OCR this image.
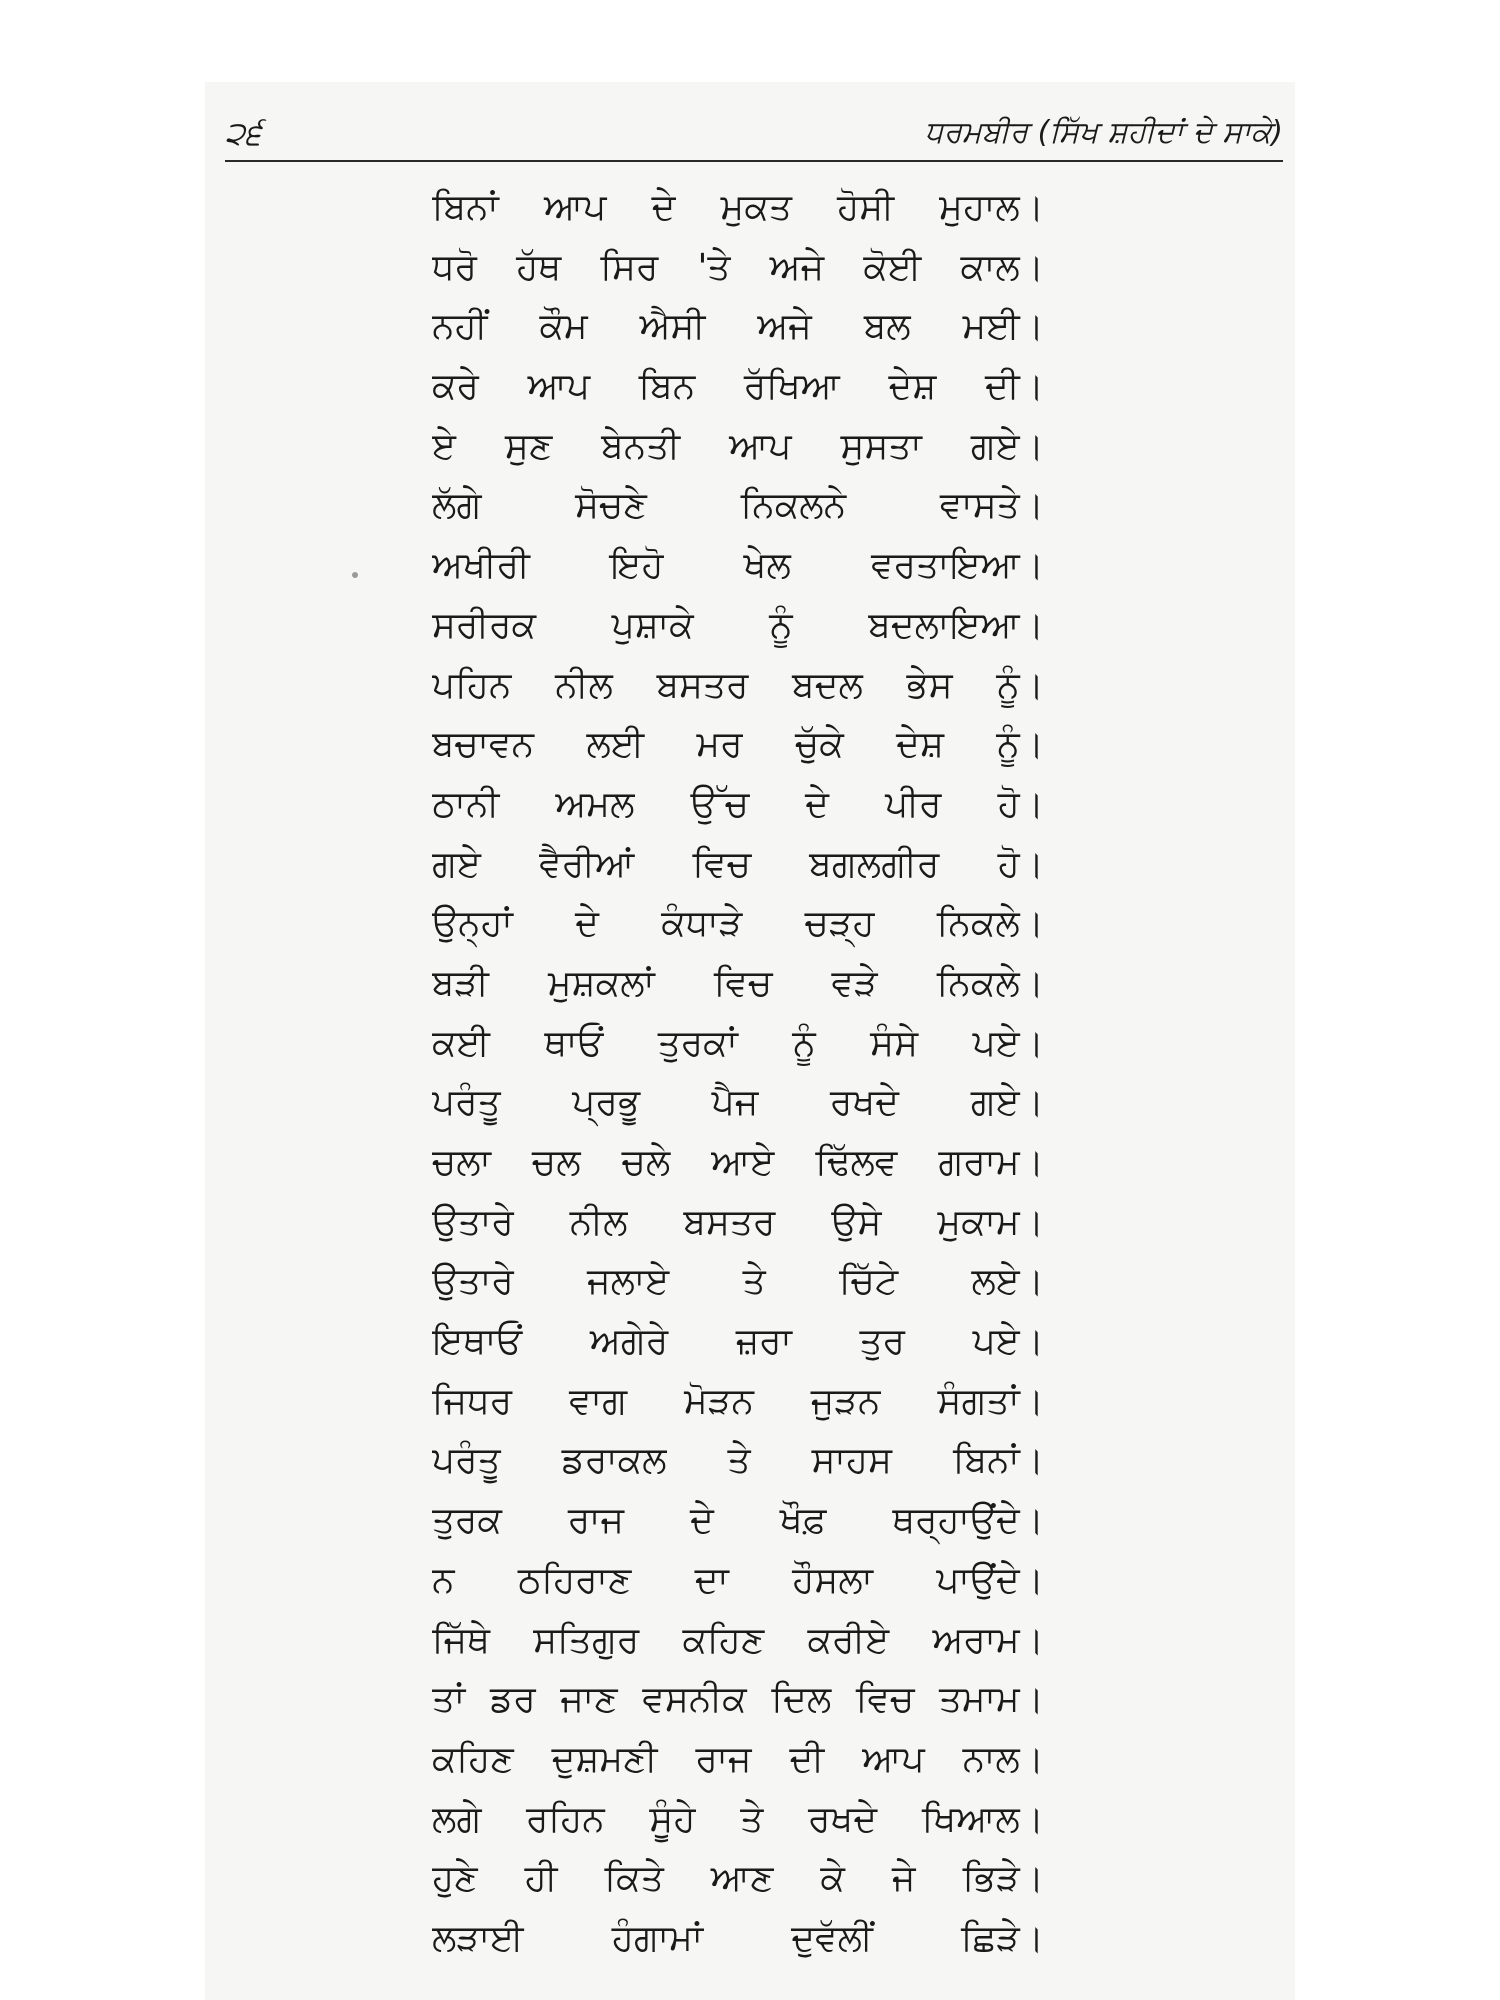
੨੬	ਧਰਮਬੀਰ (ਸਿੱਖ ਸ਼ਹੀਦਾਂ ਦੇ ਸਾਕੇ)
ਬਿਨਾਂ ਆਪ ਦੇ ਮੁਕਤ ਹੋਸੀ ਮੁਹਾਲ।
ਧਰੋ ਹੱਥ ਸਿਰ 'ਤੇ ਅਜੇ ਕੋਈ ਕਾਲ।
ਨਹੀਂ ਕੌਮ ਐਸੀ ਅਜੇ ਬਲ ਮਈ।
ਕਰੇ ਆਪ ਬਿਨ ਰੱਖਿਆ ਦੇਸ਼ ਦੀ।
ਏ ਸੁਣ ਬੇਨਤੀ ਆਪ ਸੁਸਤਾ ਗਏ।
ਲੱਗੇ ਸੋਚਣੇ ਨਿਕਲਨੇ ਵਾਸਤੇ।
ਅਖੀਰੀ ਇਹੋ ਖੇਲ ਵਰਤਾਇਆ।
ਸਰੀਰਕ ਪੁਸ਼ਾਕੇ ਨੂੰ ਬਦਲਾਇਆ।
ਪਹਿਨ ਨੀਲ ਬਸਤਰ ਬਦਲ ਭੇਸ ਨੂੰ।
ਬਚਾਵਨ ਲਈ ਮਰ ਚੁੱਕੇ ਦੇਸ਼ ਨੂੰ।
ਠਾਨੀ ਅਮਲ ਉੱਚ ਦੇ ਪੀਰ ਹੋ।
ਗਏ ਵੈਰੀਆਂ ਵਿਚ ਬਗਲਗੀਰ ਹੋ।
ਉਨ੍ਹਾਂ ਦੇ ਕੰਧਾੜੇ ਚੜ੍ਹ ਨਿਕਲੇ।
ਬੜੀ ਮੁਸ਼ਕਲਾਂ ਵਿਚ ਵੜੇ ਨਿਕਲੇ।
ਕਈ ਥਾਓਂ ਤੁਰਕਾਂ ਨੂੰ ਸੰਸੇ ਪਏ।
ਪਰੰਤੂ ਪ੍ਰਭੂ ਪੈਜ ਰਖਦੇ ਗਏ।
ਚਲਾ ਚਲ ਚਲੇ ਆਏ ਢਿੱਲਵ ਗਰਾਮ।
ਉਤਾਰੇ ਨੀਲ ਬਸਤਰ ਉਸੇ ਮੁਕਾਮ।
ਉਤਾਰੇ ਜਲਾਏ ਤੇ ਚਿੱਟੇ ਲਏ।
ਇਥਾਓਂ ਅਗੇਰੇ ਜ਼ਰਾ ਤੁਰ ਪਏ।
ਜਿਧਰ ਵਾਗ ਮੋੜਨ ਜੁੜਨ ਸੰਗਤਾਂ।
ਪਰੰਤੂ ਡਰਾਕਲ ਤੇ ਸਾਹਸ ਬਿਨਾਂ।
ਤੁਰਕ ਰਾਜ ਦੇ ਖੌਫ਼ ਥਰ੍ਹਾਉਂਦੇ।
ਨ ਠਹਿਰਾਣ ਦਾ ਹੌਸਲਾ ਪਾਉਂਦੇ।
ਜਿੱਥੇ ਸਤਿਗੁਰ ਕਹਿਣ ਕਰੀਏ ਅਰਾਮ।
ਤਾਂ ਡਰ ਜਾਣ ਵਸਨੀਕ ਦਿਲ ਵਿਚ ਤਮਾਮ।
ਕਹਿਣ ਦੁਸ਼ਮਣੀ ਰਾਜ ਦੀ ਆਪ ਨਾਲ।
ਲਗੇ ਰਹਿਨ ਸੂੰਹੇ ਤੇ ਰਖਦੇ ਖਿਆਲ।
ਹੁਣੇ ਹੀ ਕਿਤੇ ਆਣ ਕੇ ਜੇ ਭਿੜੇ।
ਲੜਾਈ ਹੰਗਾਮਾਂ ਦੁਵੱਲੀਂ ਛਿੜੇ।
